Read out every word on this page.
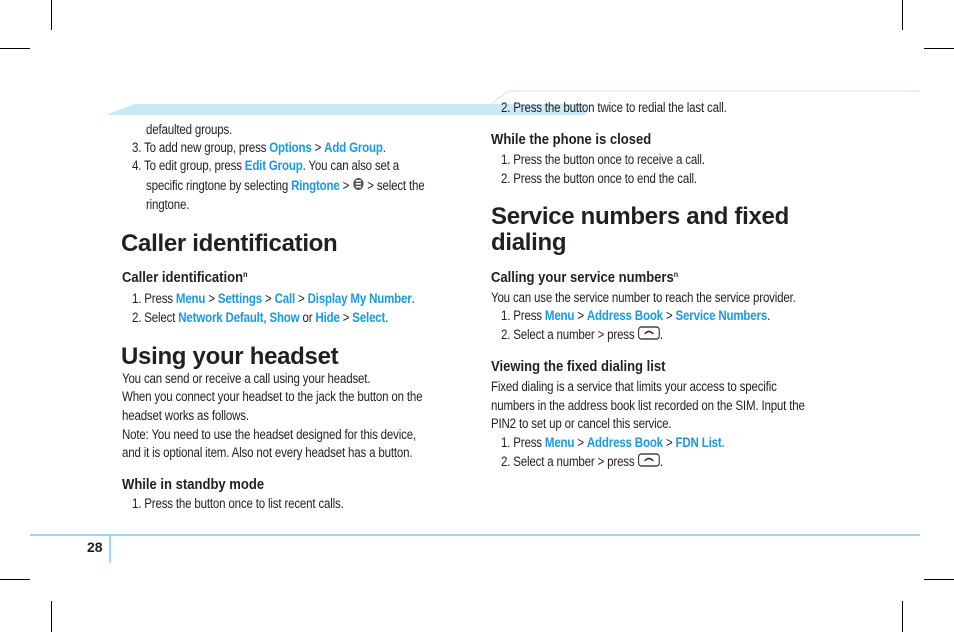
28
defaulted groups.
3. To add new group, press Options > Add Group.
4. To edit group, press Edit Group. You can also set a
specific ringtone by selecting Ringtone >  > select the
ringtone.
Caller identification
Caller identification$^n$
1. Press Menu > Settings > Call > Display My Number.
2. Select Network Default, Show or Hide > Select.
Using your headset
You can send or receive a call using your headset.
When you connect your headset to the jack the button on the
headset works as follows.
Note: You need to use the headset designed for this device,
and it is optional item. Also not every headset has a button.
While in standby mode
1. Press the button once to list recent calls.
2. Press the button twice to redial the last call.
While the phone is closed
1. Press the button once to receive a call.
2. Press the button once to end the call.
Service numbers and fixed
dialing
Calling your service numbers$^n$
You can use the service number to reach the service provider.
1. Press Menu > Address Book > Service Numbers.
2. Select a number > press .
Viewing the fixed dialing list
Fixed dialing is a service that limits your access to specific
numbers in the address book list recorded on the SIM. Input the
PIN2 to set up or cancel this service.
1. Press Menu > Address Book > FDN List.
2. Select a number > press .
